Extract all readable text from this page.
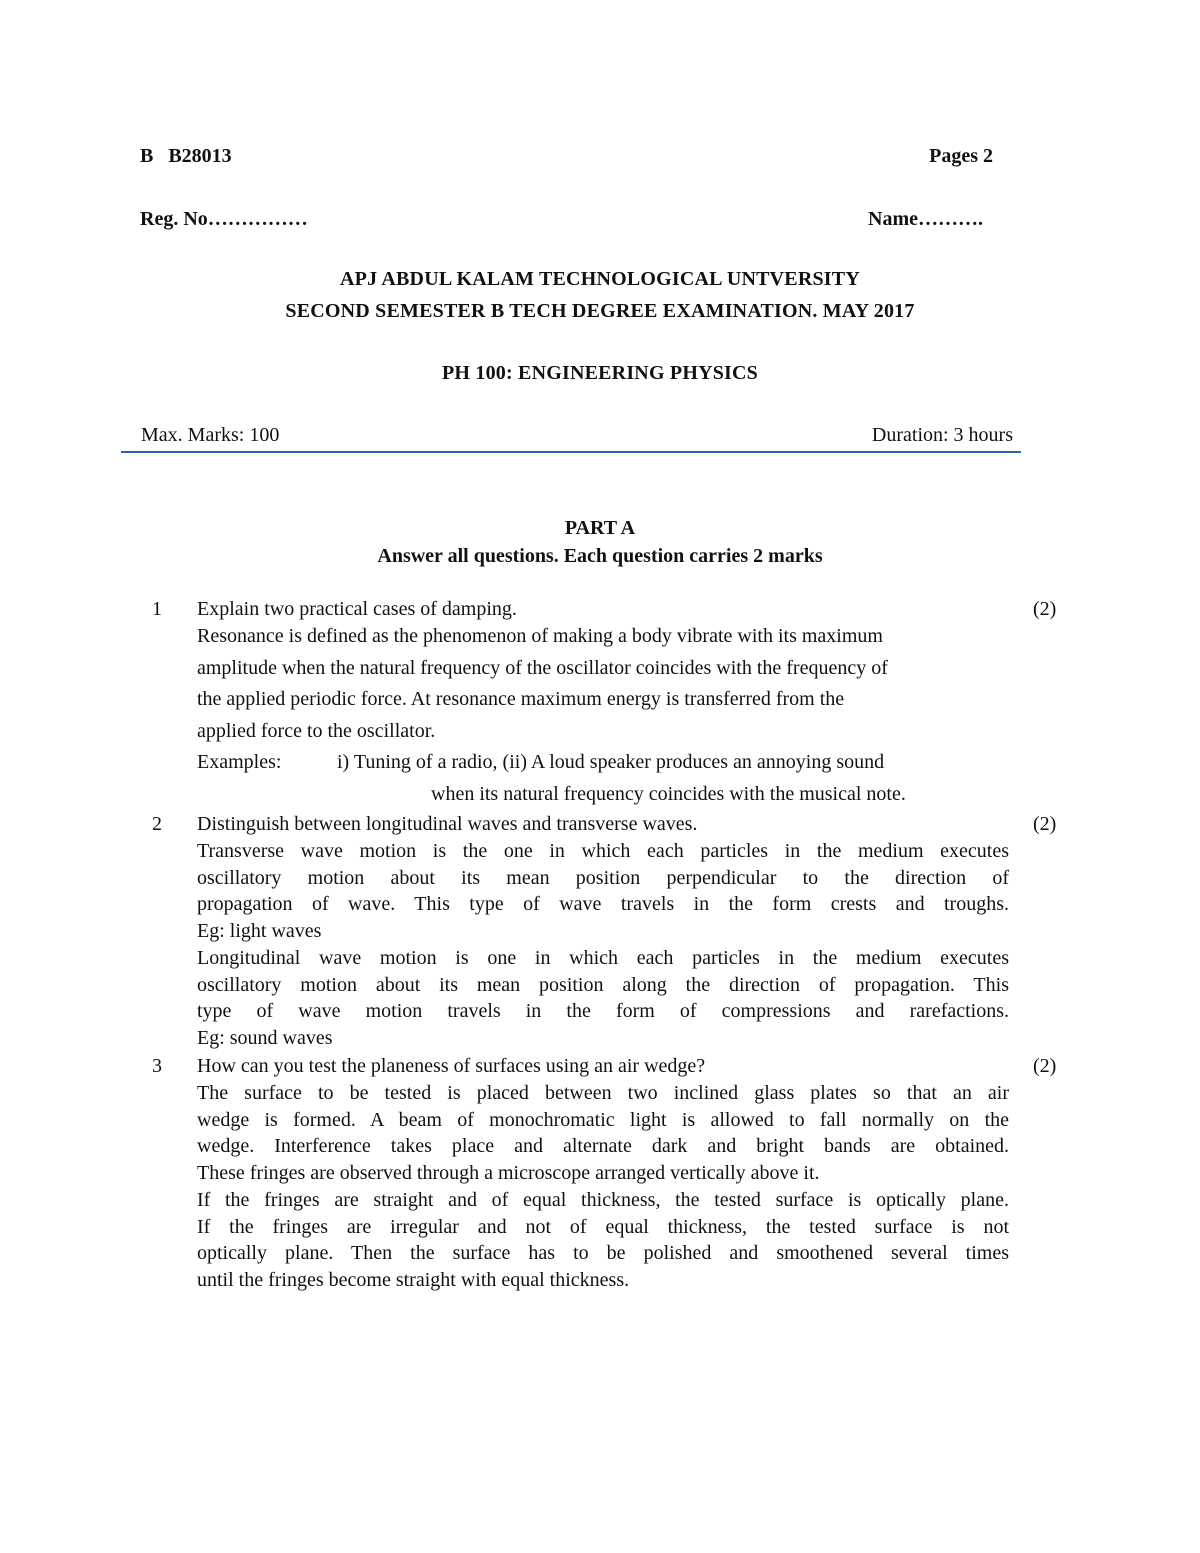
B   B28013	Pages 2
Reg. No……………	Name……….
APJ ABDUL KALAM TECHNOLOGICAL UNTVERSITY
SECOND SEMESTER B TECH DEGREE EXAMINATION. MAY 2017
PH 100: ENGINEERING PHYSICS
Max. Marks: 100	Duration: 3 hours
PART A
Answer all questions. Each question carries 2 marks
1 Explain two practical cases of damping.	(2)

Resonance is defined as the phenomenon of making a body vibrate with its maximum

amplitude when the natural frequency of the oscillator coincides with the frequency of

the applied periodic force. At resonance maximum energy is transferred from the

applied force to the oscillator.

Examples:	i) Tuning of a radio, (ii) A loud speaker produces an annoying sound
when its natural frequency coincides with the musical note.
2 Distinguish between longitudinal waves and transverse waves.	(2)

Transverse wave motion is the one in which each particles in the medium executes

oscillatory motion about its mean position perpendicular to the direction of

propagation of wave. This type of wave travels in the form crests and troughs.

Eg: light waves

Longitudinal wave motion is one in which each particles in the medium executes

oscillatory motion about its mean position along the direction of propagation. This

type of wave motion travels in the form of compressions and rarefactions.

Eg: sound waves

3 How can you test the planeness of surfaces using an air wedge?	(2)

The surface to be tested is placed between two inclined glass plates so that an air

wedge is formed. A beam of monochromatic light is allowed to fall normally on the

wedge. Interference takes place and alternate dark and bright bands are obtained.

These fringes are observed through a microscope arranged vertically above it.

If the fringes are straight and of equal thickness, the tested surface is optically plane.

If the fringes are irregular and not of equal thickness, the tested surface is not

optically plane. Then the surface has to be polished and smoothened several times

until the fringes become straight with equal thickness.
